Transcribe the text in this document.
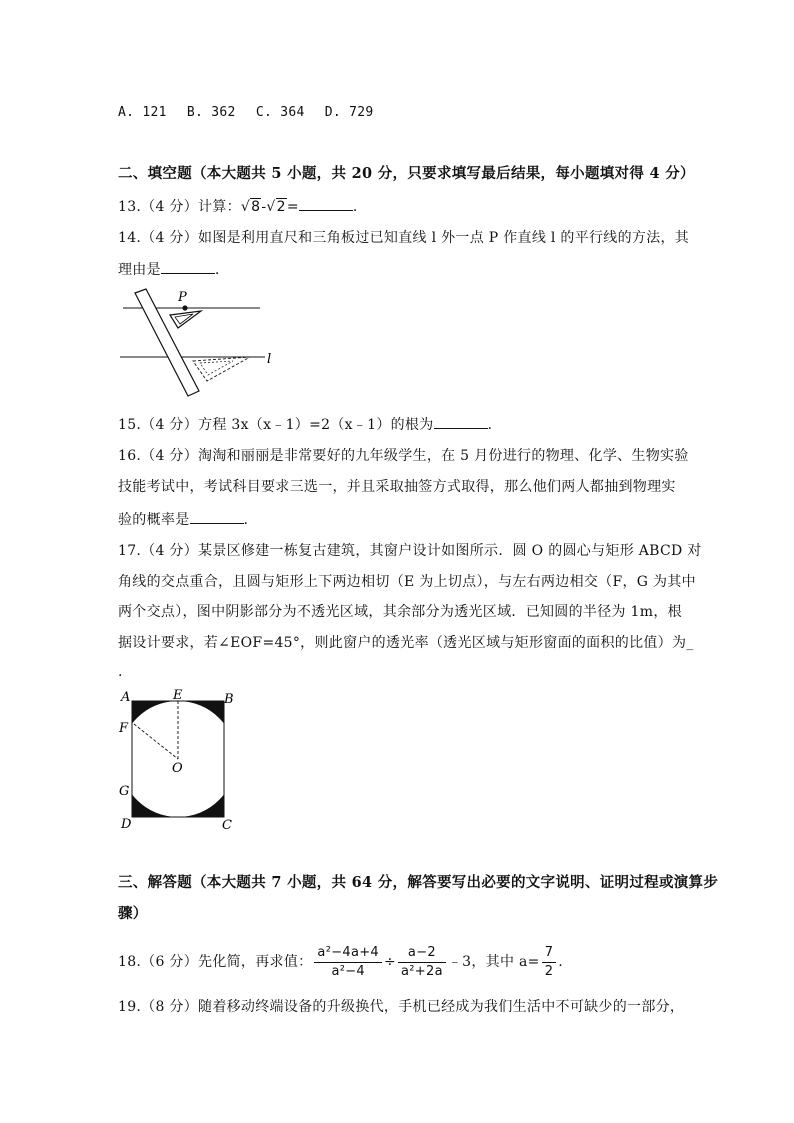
A. 121 B. 362 C. 364 D. 729
二、填空题（本大题共 5 小题，共 20 分，只要求填写最后结果，每小题填对得 4 分）
13.（4 分）计算：√8-√2=	.
14.（4 分）如图是利用直尺和三角板过已知直线 l 外一点 P 作直线 l 的平行线的方法，其
理由是	.
P
l
15.（4 分）方程 3x（x﹣1）=2（x﹣1）的根为	.
16.（4 分）淘淘和丽丽是非常要好的九年级学生，在 5 月份进行的物理、化学、生物实验
技能考试中，考试科目要求三选一，并且采取抽签方式取得，那么他们两人都抽到物理实
验的概率是	.
17.（4 分）某景区修建一栋复古建筑，其窗户设计如图所示．圆 O 的圆心与矩形 ABCD 对
角线的交点重合，且圆与矩形上下两边相切（E 为上切点），与左右两边相交（F，G 为其中
两个交点），图中阴影部分为不透光区域，其余部分为透光区域．已知圆的半径为 1m，根
据设计要求，若∠EOF=45°，则此窗户的透光率（透光区域与矩形窗面的面积的比值）为_
.
A	E	B
F
O
G
D	C
三、解答题（本大题共 7 小题，共 64 分，解答要写出必要的文字说明、证明过程或演算步
骤）
18.（6 分）先化简，再求值： $\frac{\text{a²−4a+4}}{\text{a²−4}} \div \frac{a-2}{\text{a²+2a}}$ ﹣3，其中 $a= \frac{7}{2}$ .
19.（8 分）随着移动终端设备的升级换代，手机已经成为我们生活中不可缺少的一部分，
